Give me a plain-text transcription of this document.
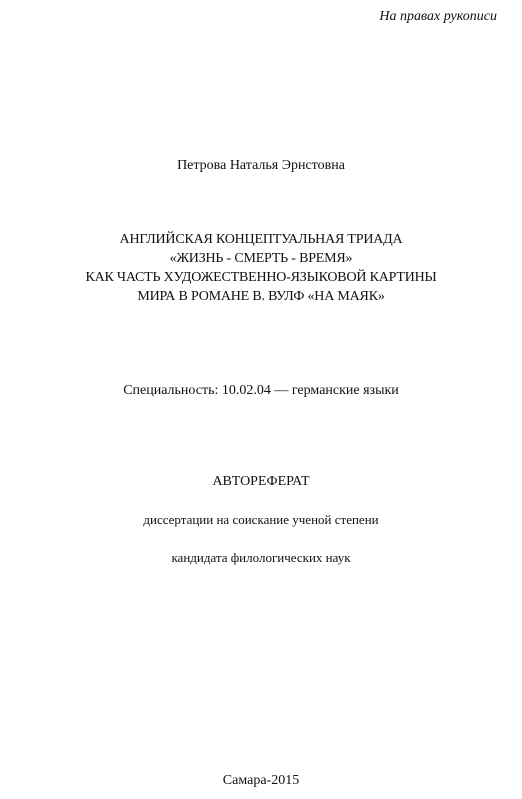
На правах рукописи
Петрова Наталья Эрнстовна
АНГЛИЙСКАЯ КОНЦЕПТУАЛЬНАЯ ТРИАДА
«ЖИЗНЬ - СМЕРТЬ - ВРЕМЯ»
КАК ЧАСТЬ ХУДОЖЕСТВЕННО-ЯЗЫКОВОЙ КАРТИНЫ
МИРА В РОМАНЕ В. ВУЛФ «НА МАЯК»
Специальность: 10.02.04 — германские языки
АВТОРЕФЕРАТ
диссертации на соискание ученой степени
кандидата филологических наук
Самара-2015
